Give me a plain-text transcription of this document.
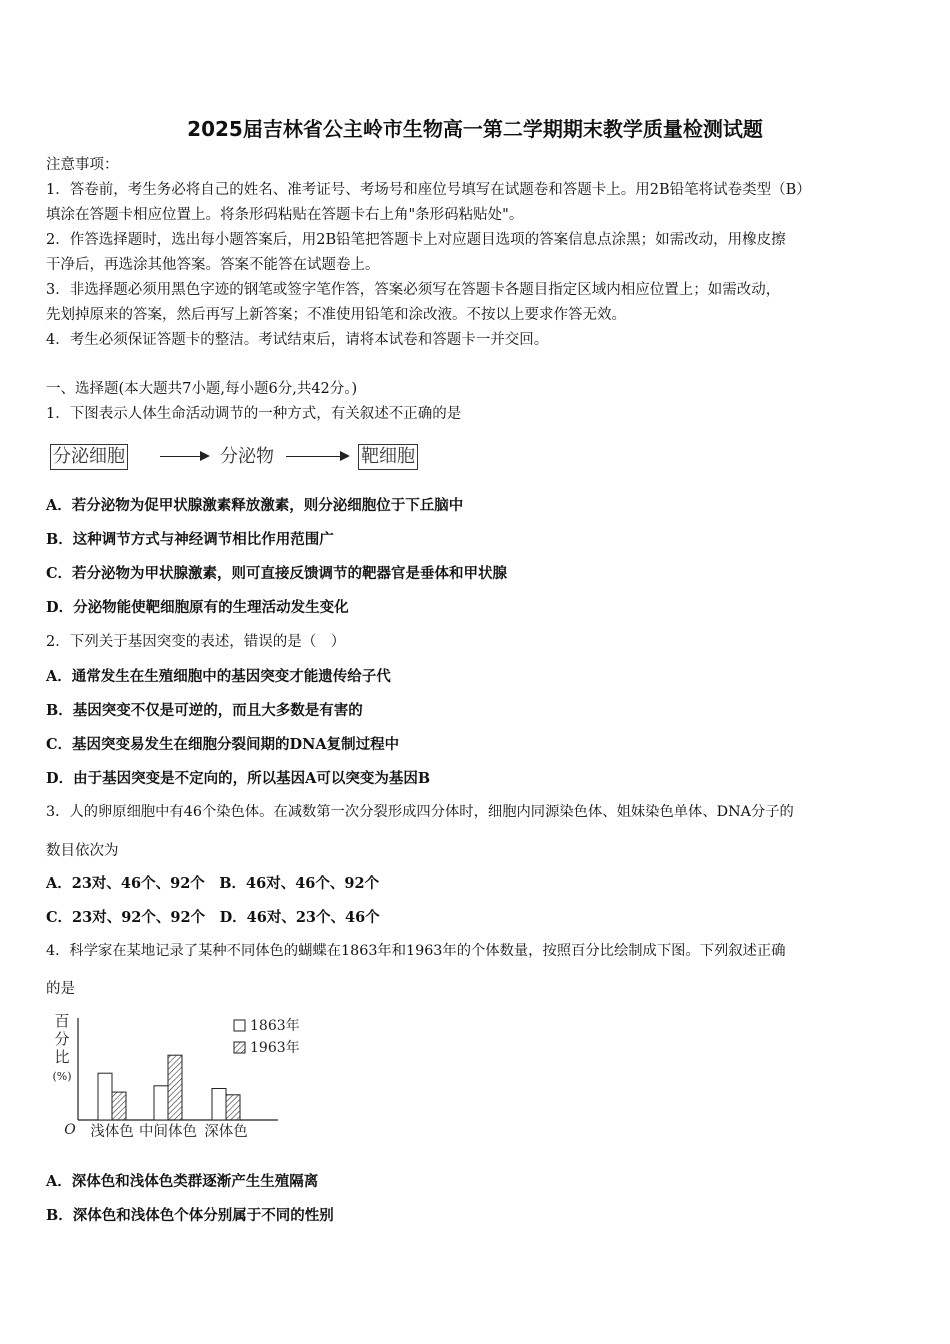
2025届吉林省公主岭市生物高一第二学期期末教学质量检测试题
注意事项：
1．答卷前，考生务必将自己的姓名、准考证号、考场号和座位号填写在试题卷和答题卡上。用2B铅笔将试卷类型（B）
填涂在答题卡相应位置上。将条形码粘贴在答题卡右上角"条形码粘贴处"。
2．作答选择题时，选出每小题答案后，用2B铅笔把答题卡上对应题目选项的答案信息点涂黑；如需改动，用橡皮擦
干净后，再选涂其他答案。答案不能答在试题卷上。
3．非选择题必须用黑色字迹的钢笔或签字笔作答，答案必须写在答题卡各题目指定区域内相应位置上；如需改动，
先划掉原来的答案，然后再写上新答案；不准使用铅笔和涂改液。不按以上要求作答无效。
4．考生必须保证答题卡的整洁。考试结束后，请将本试卷和答题卡一并交回。
一、选择题(本大题共7小题,每小题6分,共42分。)
1．下图表示人体生命活动调节的一种方式，有关叙述不正确的是
分泌细胞	分泌物	靶细胞
A．若分泌物为促甲状腺激素释放激素，则分泌细胞位于下丘脑中
B．这种调节方式与神经调节相比作用范围广
C．若分泌物为甲状腺激素，则可直接反馈调节的靶器官是垂体和甲状腺
D．分泌物能使靶细胞原有的生理活动发生变化
2．下列关于基因突变的表述，错误的是（　）
A．通常发生在生殖细胞中的基因突变才能遗传给子代
B．基因突变不仅是可逆的，而且大多数是有害的
C．基因突变易发生在细胞分裂间期的DNA复制过程中
D．由于基因突变是不定向的，所以基因A可以突变为基因B
3．人的卵原细胞中有46个染色体。在减数第一次分裂形成四分体时，细胞内同源染色体、姐妹染色单体、DNA分子的
数目依次为
A．23对、46个、92个　B．46对、46个、92个
C．23对、92个、92个　D．46对、23个、46个
4．科学家在某地记录了某种不同体色的蝴蝶在1863年和1963年的个体数量，按照百分比绘制成下图。下列叙述正确
的是
百
分
比
(%)
O 浅体色 中间体色 深体色
1863年
1963年
A．深体色和浅体色类群逐渐产生生殖隔离
B．深体色和浅体色个体分别属于不同的性别
